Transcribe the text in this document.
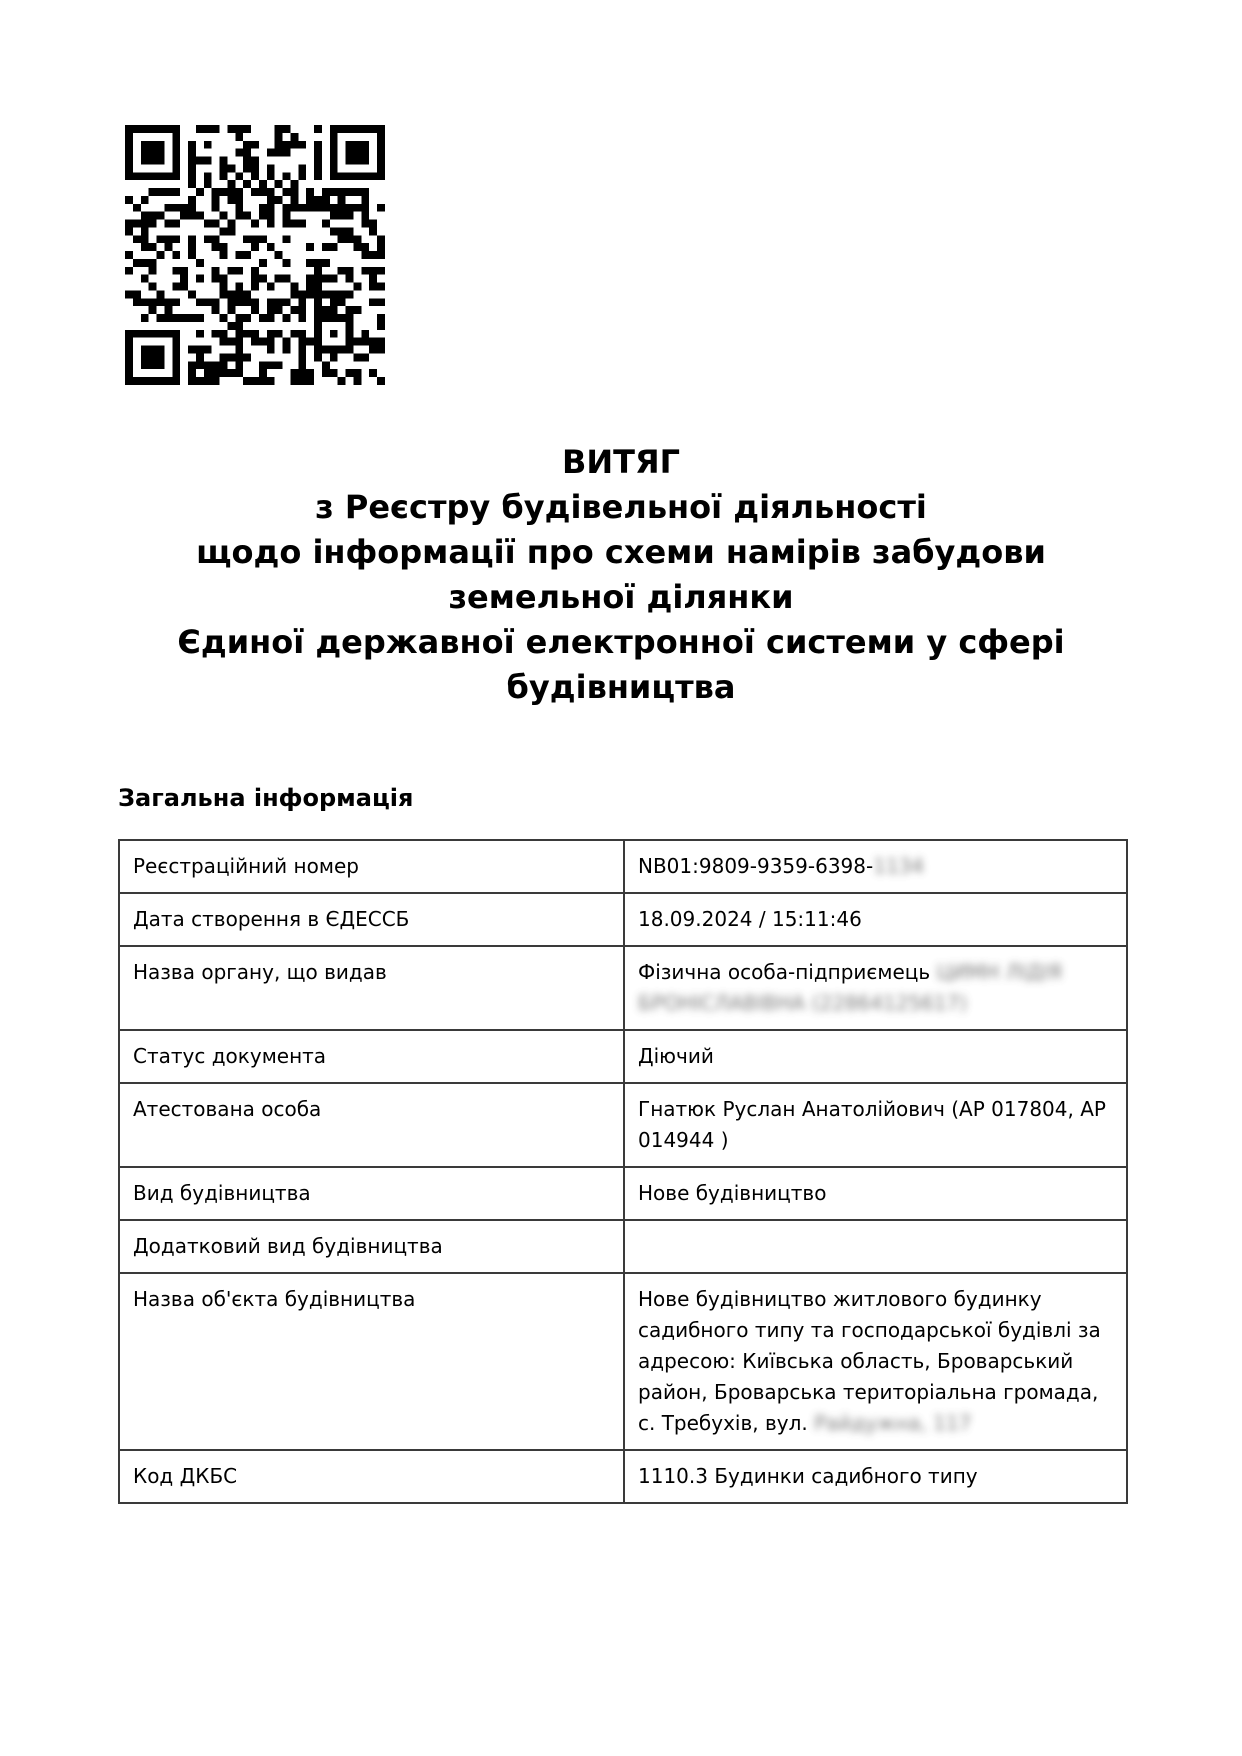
ВИТЯГ
з Реєстру будівельної діяльності
щодо інформації про схеми намірів забудови
земельної ділянки
Єдиної державної електронної системи у сфері
будівництва
Загальна інформація
Реєстраційний номер	NB01:9809-9359-6398-1134
Дата створення в ЄДЕССБ	18.09.2024 / 15:11:46
Назва органу, що видав	Фізична особа-підприємець ЦИМН ЛІДІЯ БРОНІСЛАВІВНА (22864125617)
Статус документа	Діючий
Атестована особа	Гнатюк Руслан Анатолійович (АР 017804, АР 014944 )
Вид будівництва	Нове будівництво
Додатковий вид будівництва	
Назва об'єкта будівництва	Нове будівництво житлового будинку садибного типу та господарської будівлі за адресою: Київська область, Броварський район, Броварська територіальна громада, с. Требухів, вул. Райдужна, 117
Код ДКБС	1110.3 Будинки садибного типу
